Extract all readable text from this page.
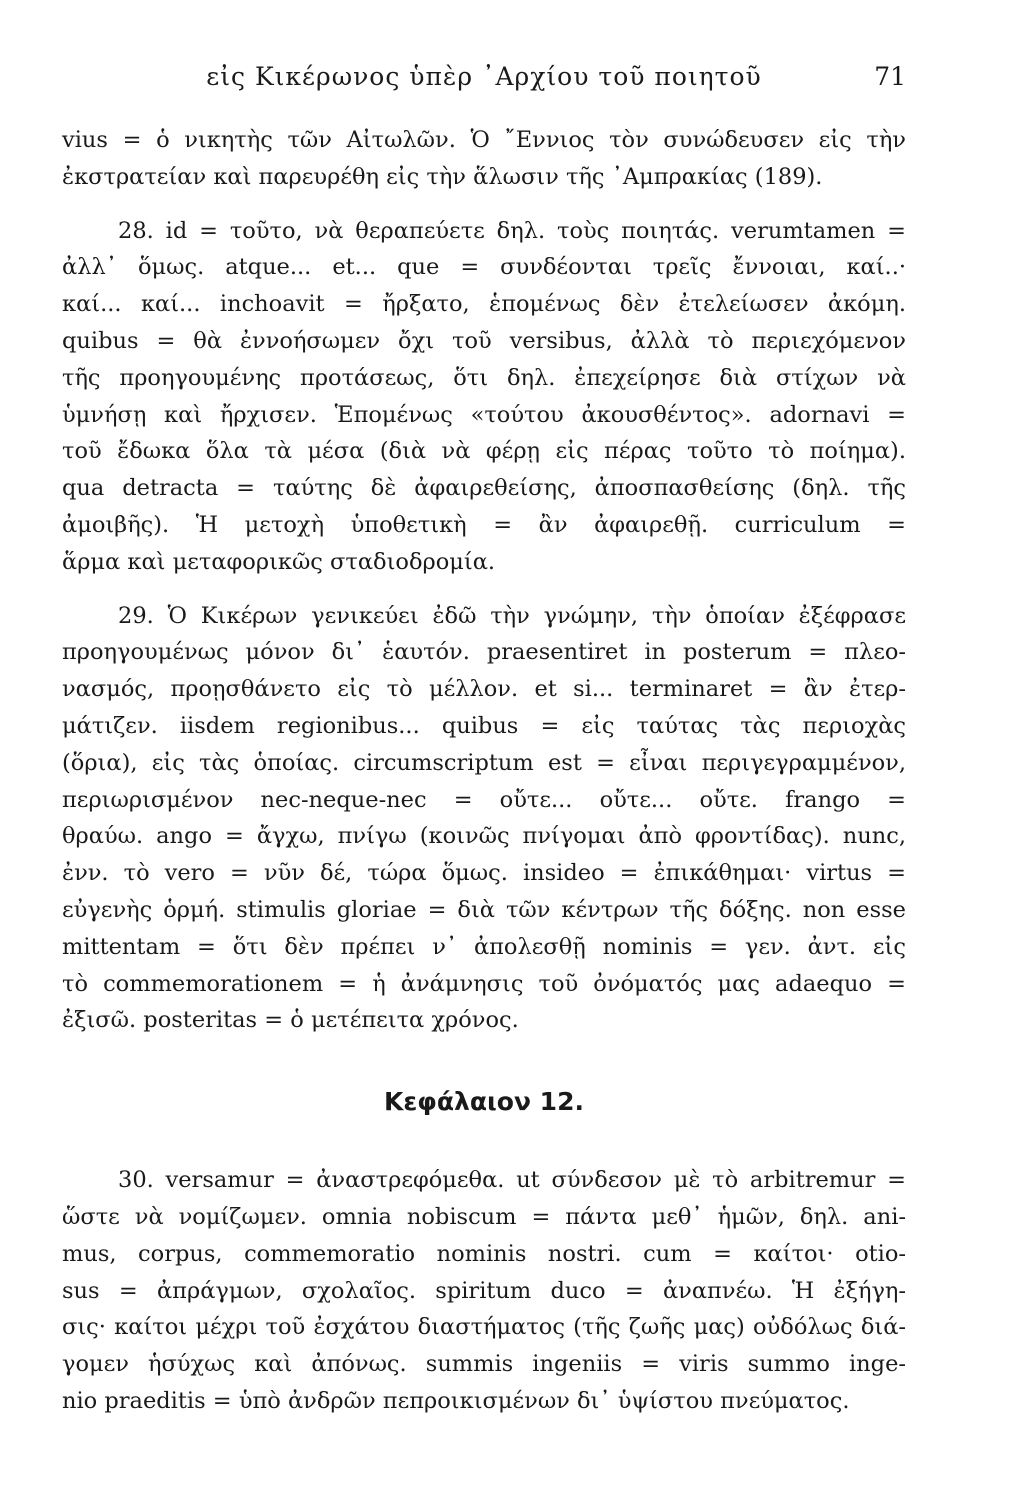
εἰς Κικέρωνος ὑπὲρ ᾿Αρχίου τοῦ ποιητοῦ	71
vius = ὁ νικητὴς τῶν Αἰτωλῶν. Ὁ ῎Εννιος τὸν συνώδευσεν εἰς τὴν
ἐκστρατείαν καὶ παρευρέθη εἰς τὴν ἅλωσιν τῆς ᾿Αμπρακίας (189).
28. id = τοῦτο, νὰ θεραπεύετε δηλ. τοὺς ποιητάς. verumtamen =
ἀλλ᾿ ὅμως. atque... et... que = συνδέονται τρεῖς ἔννοιαι, καί..·
καί... καί... inchoavit = ἤρξατο, ἑπομένως δὲν ἐτελείωσεν ἀκόμη.
quibus = θὰ ἐννοήσωμεν ὄχι τοῦ versibus, ἀλλὰ τὸ περιεχόμενον
τῆς προηγουμένης προτάσεως, ὅτι δηλ. ἐπεχείρησε διὰ στίχων νὰ
ὑμνήσῃ καὶ ἤρχισεν. Ἑπομένως «τούτου ἀκουσθέντος». adornavi =
τοῦ ἔδωκα ὅλα τὰ μέσα (διὰ νὰ φέρῃ εἰς πέρας τοῦτο τὸ ποίημα).
qua detracta = ταύτης δὲ ἀφαιρεθείσης, ἀποσπασθείσης (δηλ. τῆς
ἀμοιβῆς). Ἡ μετοχὴ ὑποθετικὴ = ἂν ἀφαιρεθῇ. curriculum =
ἅρμα καὶ μεταφορικῶς σταδιοδρομία.
29. Ὁ Κικέρων γενικεύει ἐδῶ τὴν γνώμην, τὴν ὁποίαν ἐξέφρασε
προηγουμένως μόνον δι᾿ ἑαυτόν. praesentiret in posterum = πλεο-
νασμός, προῃσθάνετο εἰς τὸ μέλλον. et si... terminaret = ἂν ἐτερ-
μάτιζεν. iisdem regionibus... quibus = εἰς ταύτας τὰς περιοχὰς
(ὅρια), εἰς τὰς ὁποίας. circumscriptum est = εἶναι περιγεγραμμένον,
περιωρισμένον nec-neque-nec = οὔτε... οὔτε... οὔτε. frango =
θραύω. ango = ἄγχω, πνίγω (κοινῶς πνίγομαι ἀπὸ φροντίδας). nunc,
ἐνν. τὸ vero = νῦν δέ, τώρα ὅμως. insideo = ἐπικάθημαι· virtus =
εὐγενὴς ὁρμή. stimulis gloriae = διὰ τῶν κέντρων τῆς δόξης. non esse
mittentam = ὅτι δὲν πρέπει ν᾿ ἀπολεσθῇ nominis = γεν. ἀντ. εἰς
τὸ commemorationem = ἡ ἀνάμνησις τοῦ ὀνόματός μας adaequo =
ἐξισῶ. posteritas = ὁ μετέπειτα χρόνος.
Κεφάλαιον 12.
30. versamur = ἀναστρεφόμεθα. ut σύνδεσον μὲ τὸ arbitremur =
ὥστε νὰ νομίζωμεν. omnia nobiscum = πάντα μεθ᾿ ἡμῶν, δηλ. ani-
mus, corpus, commemoratio nominis nostri. cum = καίτοι· otio-
sus = ἀπράγμων, σχολαῖος. spiritum duco = ἀναπνέω. Ἡ ἐξήγη-
σις· καίτοι μέχρι τοῦ ἐσχάτου διαστήματος (τῆς ζωῆς μας) οὐδόλως διά-
γομεν ἡσύχως καὶ ἀπόνως. summis ingeniis = viris summo inge-
nio praeditis = ὑπὸ ἀνδρῶν πεπροικισμένων δι᾿ ὑψίστου πνεύματος.
